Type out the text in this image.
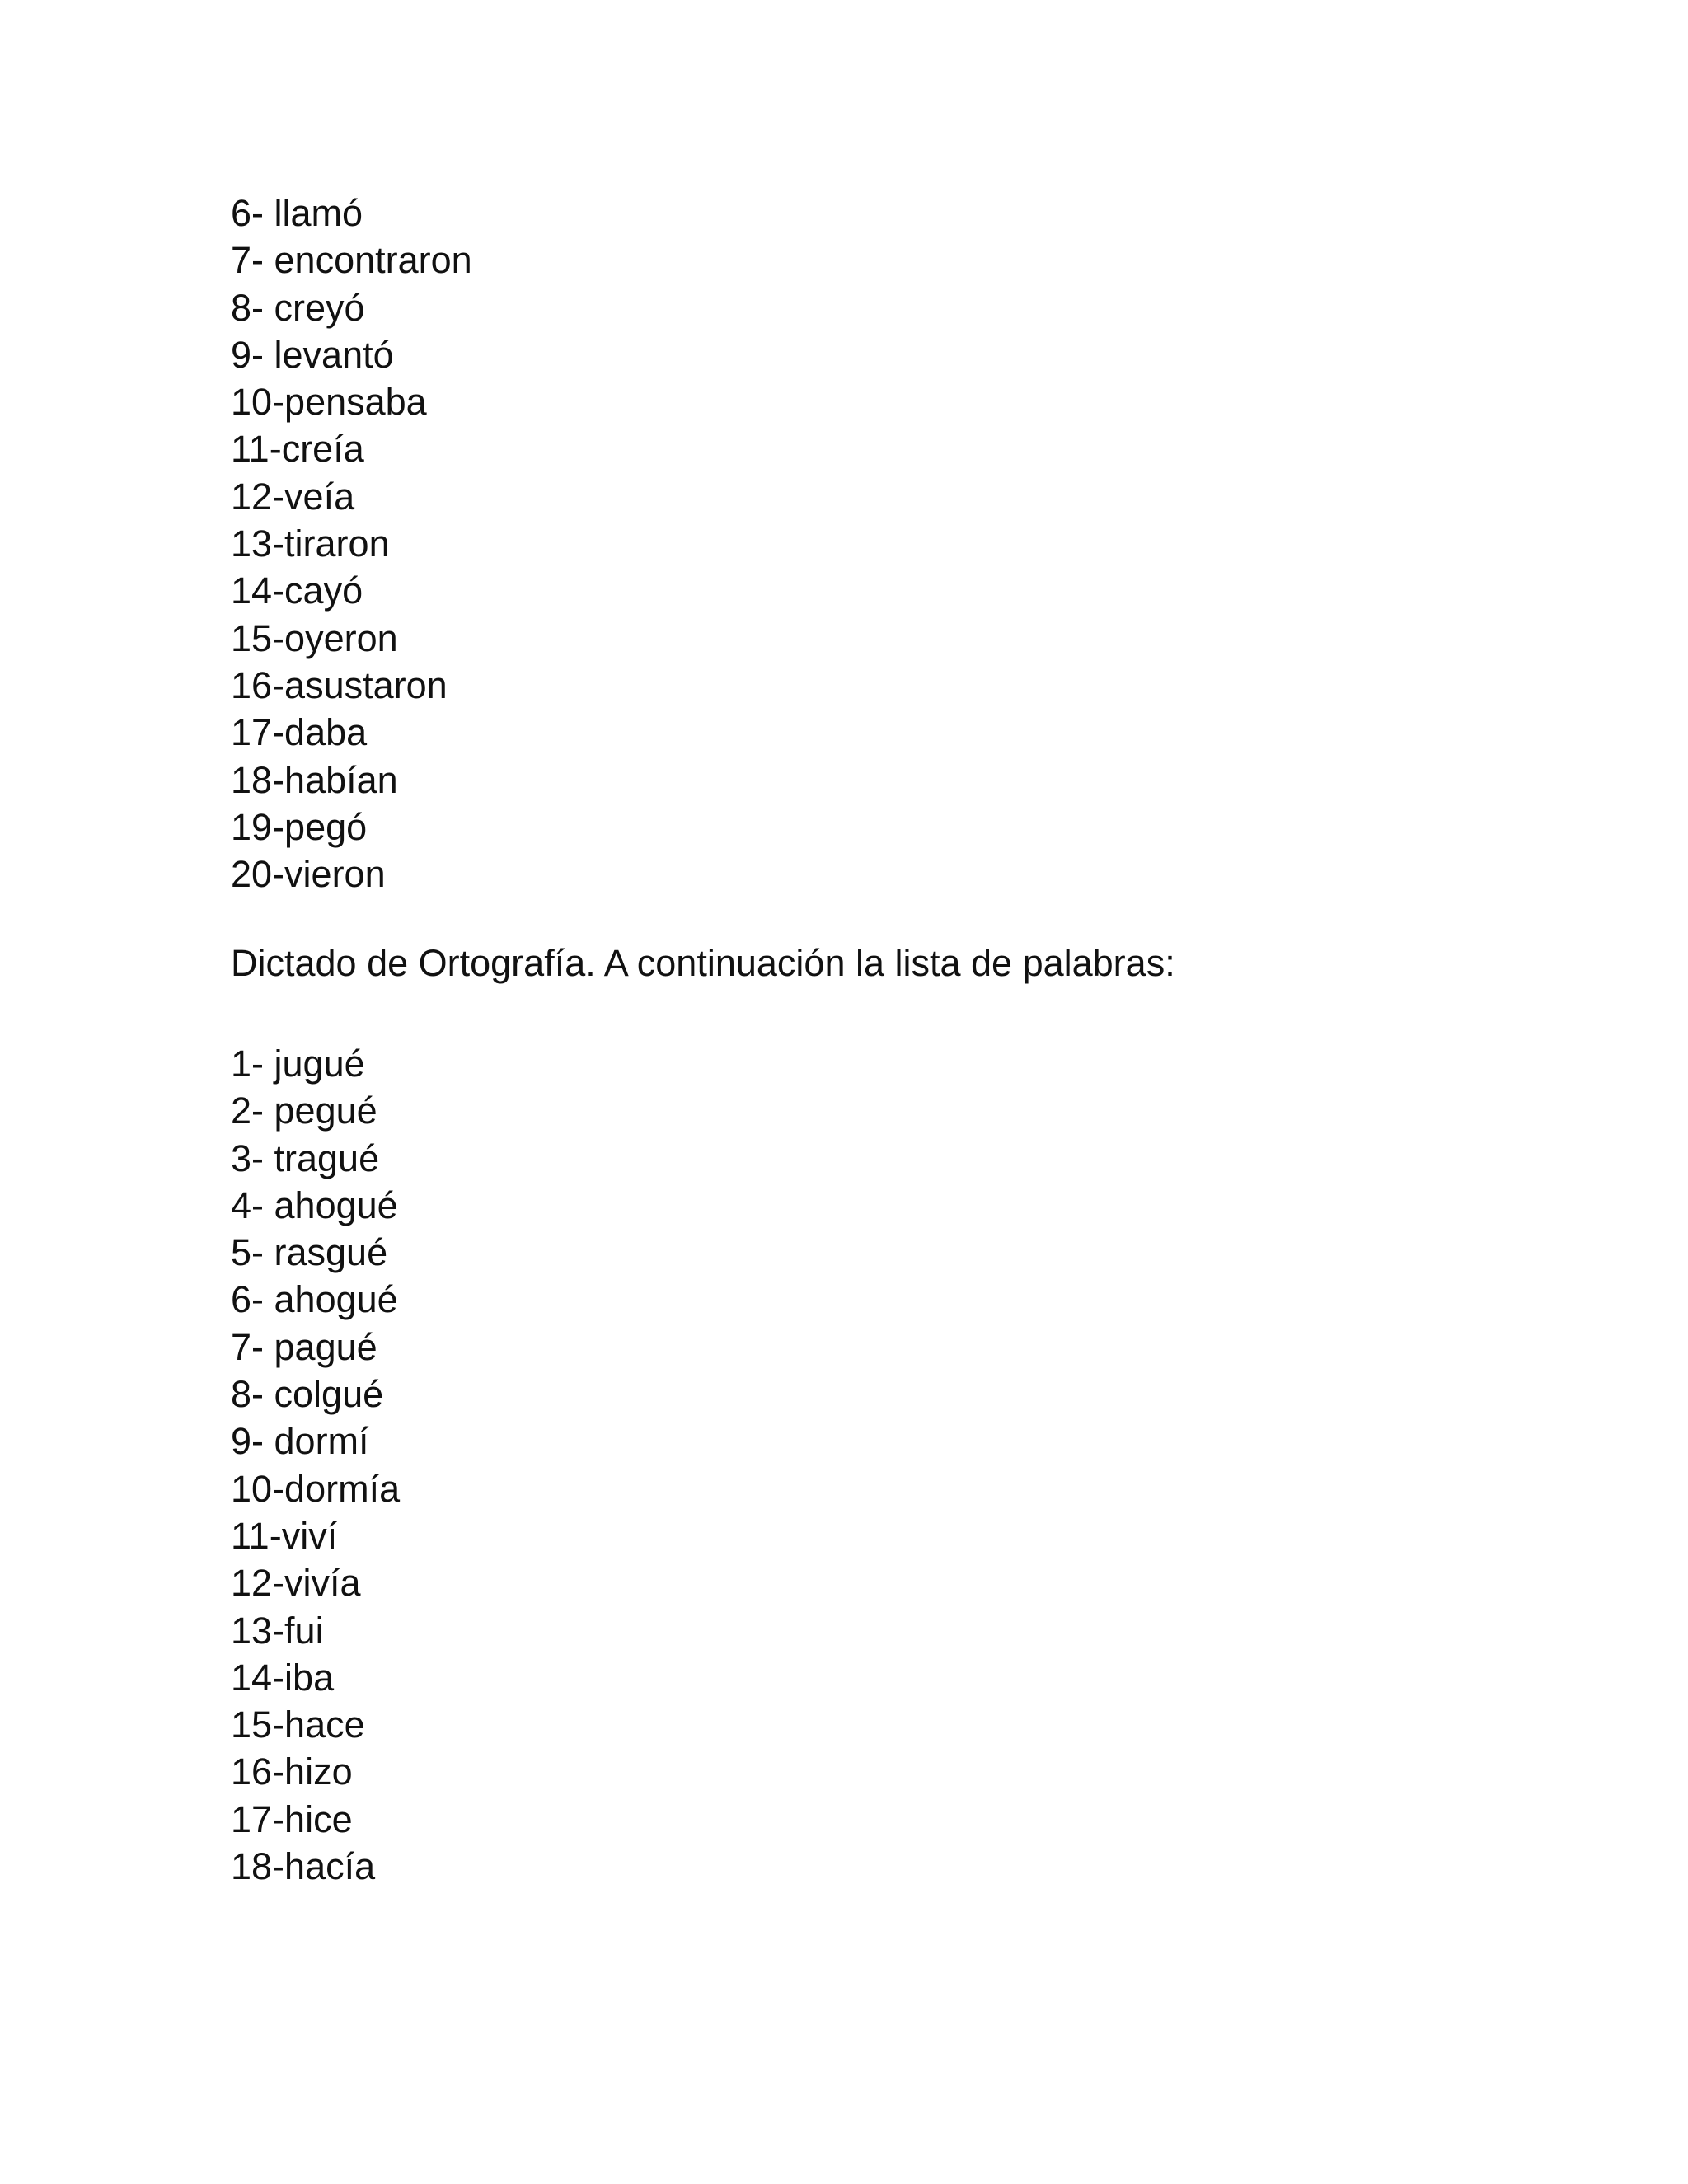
6- llamó
7- encontraron
8- creyó
9- levantó
10-pensaba
11-creía
12-veía
13-tiraron
14-cayó
15-oyeron
16-asustaron
17-daba
18-habían
19-pegó
20-vieron

Dictado de Ortografía. A continuación la lista de palabras:

1- jugué
2- pegué
3- tragué
4- ahogué
5- rasgué
6- ahogué
7- pagué
8- colgué
9- dormí
10-dormía
11-viví
12-vivía
13-fui
14-iba
15-hace
16-hizo
17-hice
18-hacía
